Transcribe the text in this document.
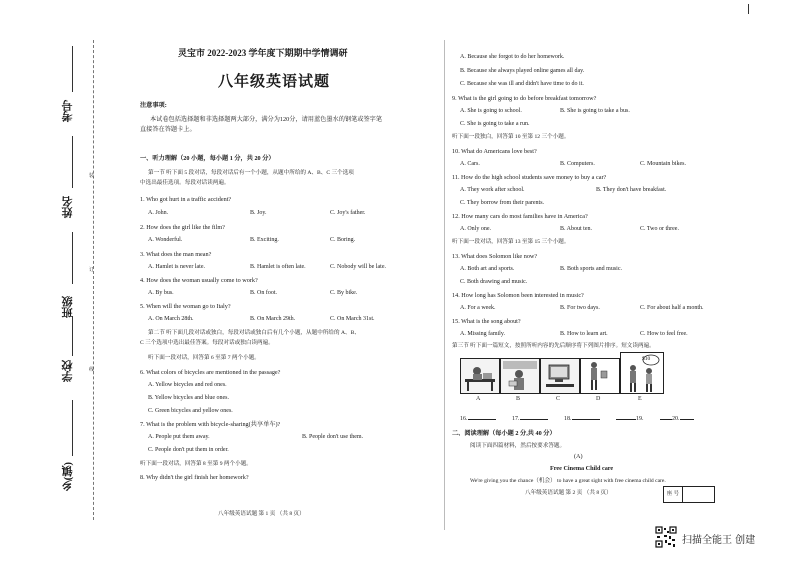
乡(镇)
学校
班级
姓名
考号
装
订
线
灵宝市 2022-2023 学年度下期期中学情调研
八年级英语试题
注意事项:
本试卷包括选择题和非选择题两大部分，满分为120分，请用蓝色墨水的钢笔或签字笔
直接答在答题卡上。
一、听力理解（20 小题，每小题 1 分，共 20 分）
第一节 听下面 5 段对话，每段对话后有一个小题，从题中所给的 A、B、C 三个选项
中选出最佳选项。每段对话读两遍。
1. Who got hurt in a traffic accident?
A. John.	B. Joy.	C. Joy's father.
2. How does the girl like the film?
A. Wonderful.	B. Exciting.	C. Boring.
3. What does the man mean?
A. Hamlet is never late.	B. Hamlet is often late.	C. Nobody will be late.
4. How does the woman usually come to work?
A. By bus.	B. On foot.	C. By bike.
5. When will the woman go to Italy?
A. On March 28th.	B. On March 29th.	C. On March 31st.
第二节 听下面几段对话或独白，每段对话或独白后有几个小题，从题中所给的 A、B、
C 三个选项中选出最佳答案。每段对话或独白读两遍。
听下面一段对话，回答第 6 至第 7 两个小题。
6. What colors of bicycles are mentioned in the passage?
A. Yellow bicycles and red ones.
B. Yellow bicycles and blue ones.
C. Green bicycles and yellow ones.
7. What is the problem with bicycle-sharing(共享单车)?
A. People put them away.	B. People don't use them.
C. People don't put them in order.
听下面一段对话，回答第 8 至第 9 两个小题。
8. Why didn't the girl finish her homework?
八年级英语试题 第 1 页 （共 8 页）
A. Because she forgot to do her homework.
B. Because she always played online games all day.
C. Because she was ill and didn't have time to do it.
9. What is the girl going to do before breakfast tomorrow?
A. She is going to school.	B. She is going to take a bus.
C. She is going to take a run.
听下面一段独白，回答第 10 至第 12 三个小题。
10. What do Americans love best?
A. Cars.	B. Computers.	C. Mountain bikes.
11. How do the high school students save money to buy a car?
A. They work after school.	B. They don't have breakfast.
C. They borrow from their parents.
12. How many cars do most families have in America?
A. Only one.	B. About ten.	C. Two or three.
听下面一段对话，回答第 13 至第 15 三个小题。
13. What does Solomon like now?
A. Both art and sports.	B. Both sports and music.
C. Both drawing and music.
14. How long has Solomon been interested in music?
A. For a week.	B. For two days.	C. For about half a month.
15. What is the song about?
A. Missing family.	B. How to learn art.	C. How to feel free.
第三节 听下面一篇短文，按照所听内容的先后顺序将下列图片排序。短文读两遍。
$10
A	B	C	D	E
16.	17.	18.	19.	20.
二、阅读理解（每小题 2 分,共 40 分）
阅读下面四篇材料，然后按要求答题。
(A)
Free Cinema Child care
We're giving you the chance（机会） to have a great sight with free cinema child care.
八年级英语试题 第 2 页 （共 8 页）	座 号
扫描全能王 创建
